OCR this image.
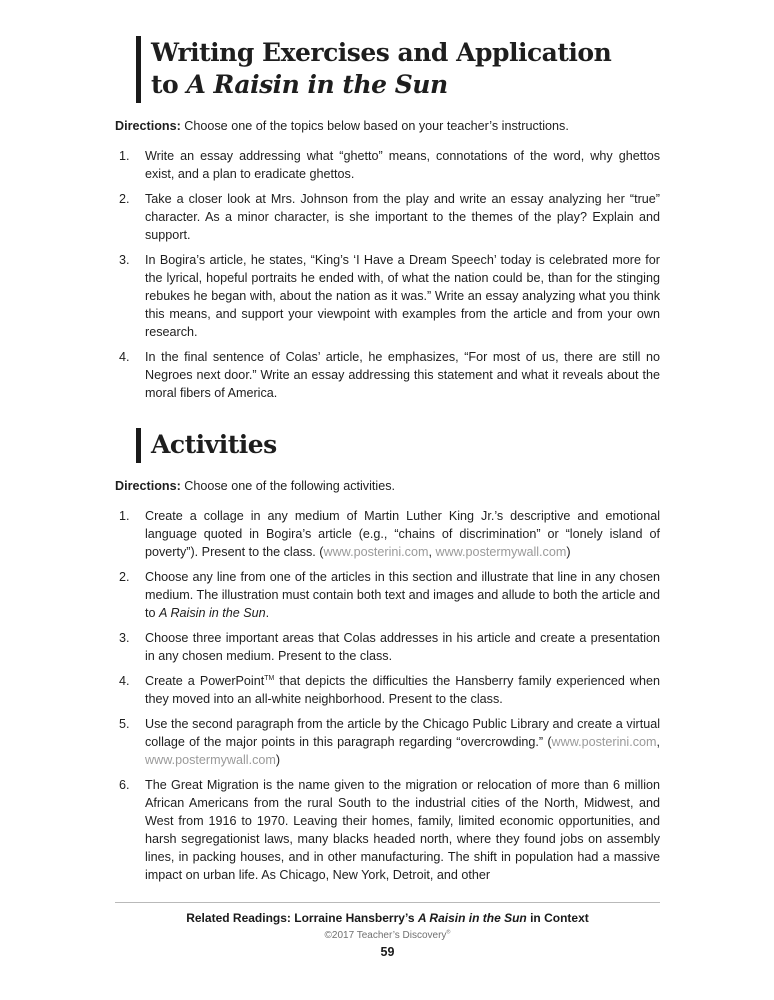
Writing Exercises and Application
to A Raisin in the Sun

Directions: Choose one of the topics below based on your teacher’s instructions.

Write an essay addressing what “ghetto” means, connotations of the word, why ghettos exist, and a plan to eradicate ghettos.
Take a closer look at Mrs. Johnson from the play and write an essay analyzing her “true” character. As a minor character, is she important to the themes of the play? Explain and support.
In Bogira’s article, he states, “King’s ‘I Have a Dream Speech’ today is celebrated more for the lyrical, hopeful portraits he ended with, of what the nation could be, than for the stinging rebukes he began with, about the nation as it was.” Write an essay analyzing what you think this means, and support your viewpoint with examples from the article and from your own research.
In the final sentence of Colas’ article, he emphasizes, “For most of us, there are still no Negroes next door.” Write an essay addressing this statement and what it reveals about the moral fibers of America.
Activities

Directions: Choose one of the following activities.

Create a collage in any medium of Martin Luther King Jr.’s descriptive and emotional language quoted in Bogira’s article (e.g., “chains of discrimination” or “lonely island of poverty”). Present to the class. (www.posterini.com, www.postermywall.com)
Choose any line from one of the articles in this section and illustrate that line in any chosen medium. The illustration must contain both text and images and allude to both the article and to A Raisin in the Sun.
Choose three important areas that Colas addresses in his article and create a presentation in any chosen medium. Present to the class.
Create a PowerPoint™ that depicts the difficulties the Hansberry family experienced when they moved into an all-white neighborhood. Present to the class.
Use the second paragraph from the article by the Chicago Public Library and create a virtual collage of the major points in this paragraph regarding “overcrowding.” (www.posterini.com, www.postermywall.com)
The Great Migration is the name given to the migration or relocation of more than 6 million African Americans from the rural South to the industrial cities of the North, Midwest, and West from 1916 to 1970. Leaving their homes, family, limited economic opportunities, and harsh segregationist laws, many blacks headed north, where they found jobs on assembly lines, in packing houses, and in other manufacturing. The shift in population had a massive impact on urban life. As Chicago, New York, Detroit, and other
Related Readings: Lorraine Hansberry’s A Raisin in the Sun in Context
©2017 Teacher’s Discovery®
59
